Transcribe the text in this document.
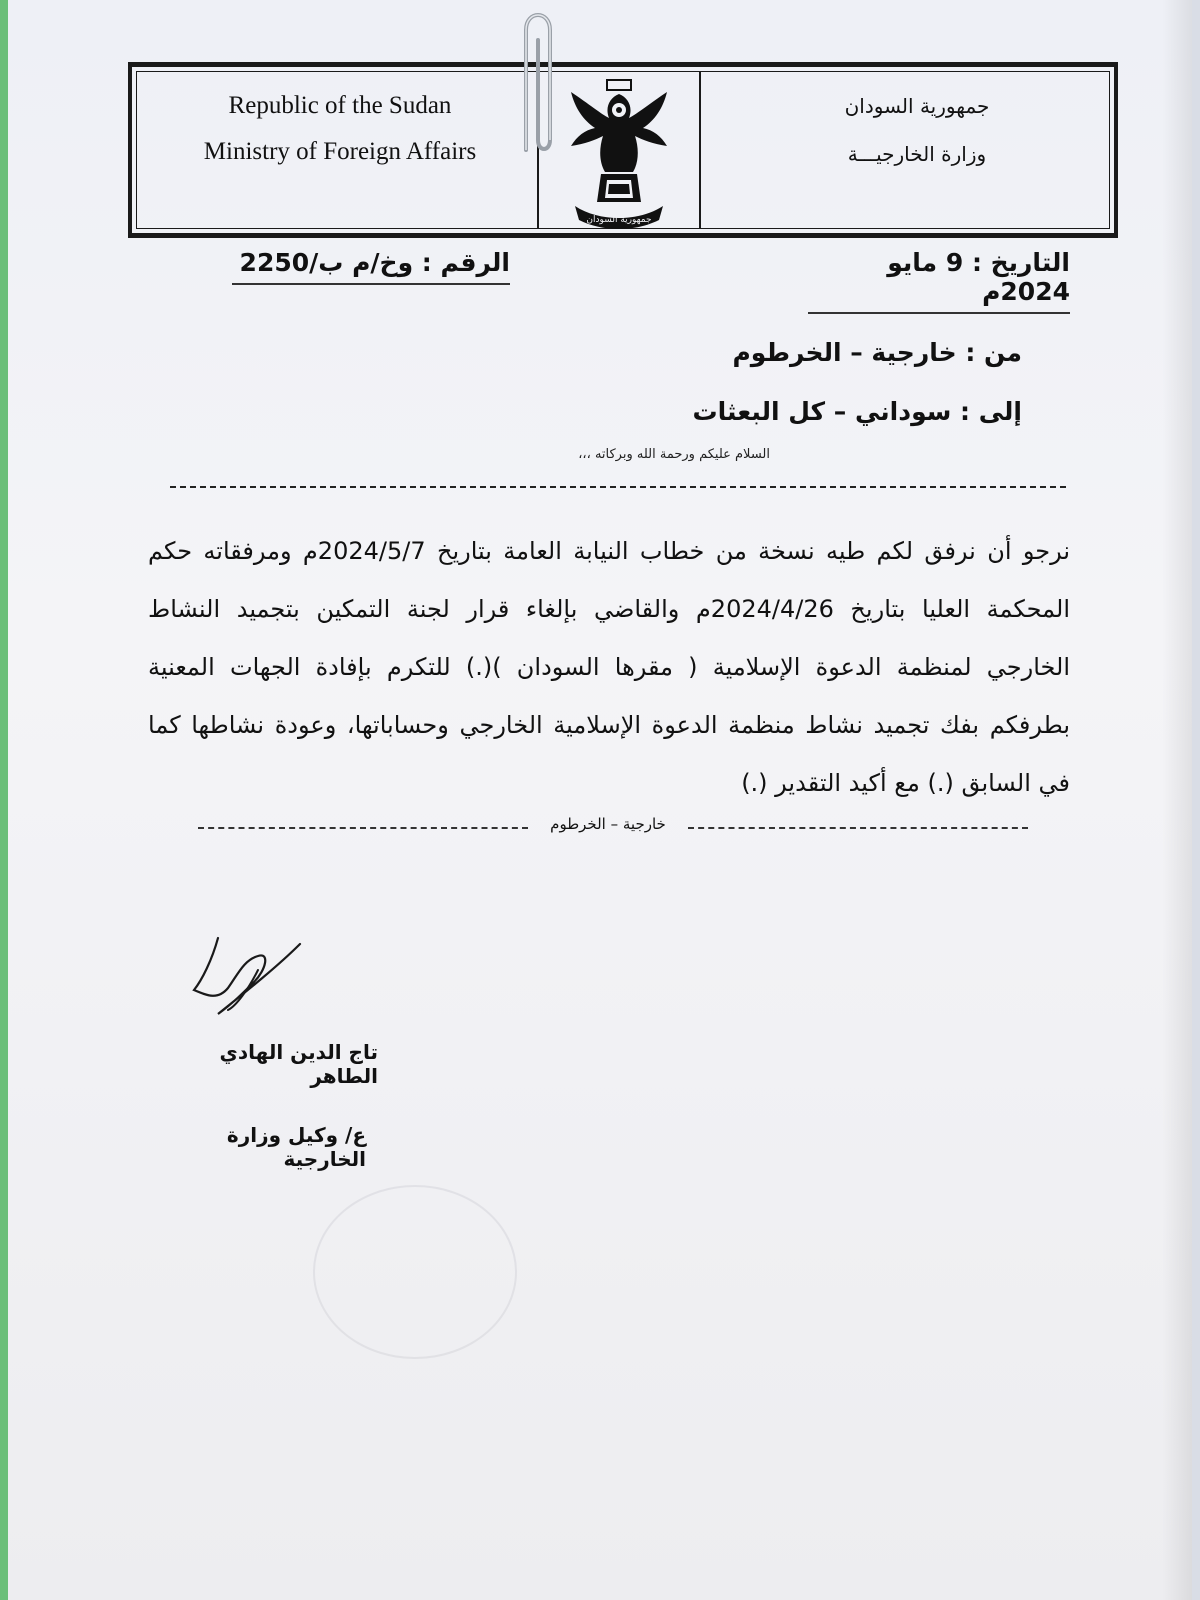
Republic of the Sudan
Ministry of Foreign Affairs
جمهورية السودان
جمهورية السودان
وزارة الخارجيـــة
التاريخ : 9 مايو 2024م
الرقم : وخ/م ب/2250
من : خارجية – الخرطوم
إلى : سوداني – كل البعثات
السلام عليكم ورحمة الله وبركاته ،،،
نرجو أن نرفق لكم طيه نسخة من خطاب النيابة العامة بتاريخ 2024/5/7م ومرفقاته حكم المحكمة العليا بتاريخ 2024/4/26م والقاضي بإلغاء قرار لجنة التمكين بتجميد النشاط الخارجي لمنظمة الدعوة الإسلامية ( مقرها السودان )(.) للتكرم بإفادة الجهات المعنية بطرفكم بفك تجميد نشاط منظمة الدعوة الإسلامية الخارجي وحساباتها، وعودة نشاطها كما في السابق (.) مع أكيد التقدير (.)
خارجية – الخرطوم
تاج الدين الهادي الطاهر
ع/ وكيل وزارة الخارجية
